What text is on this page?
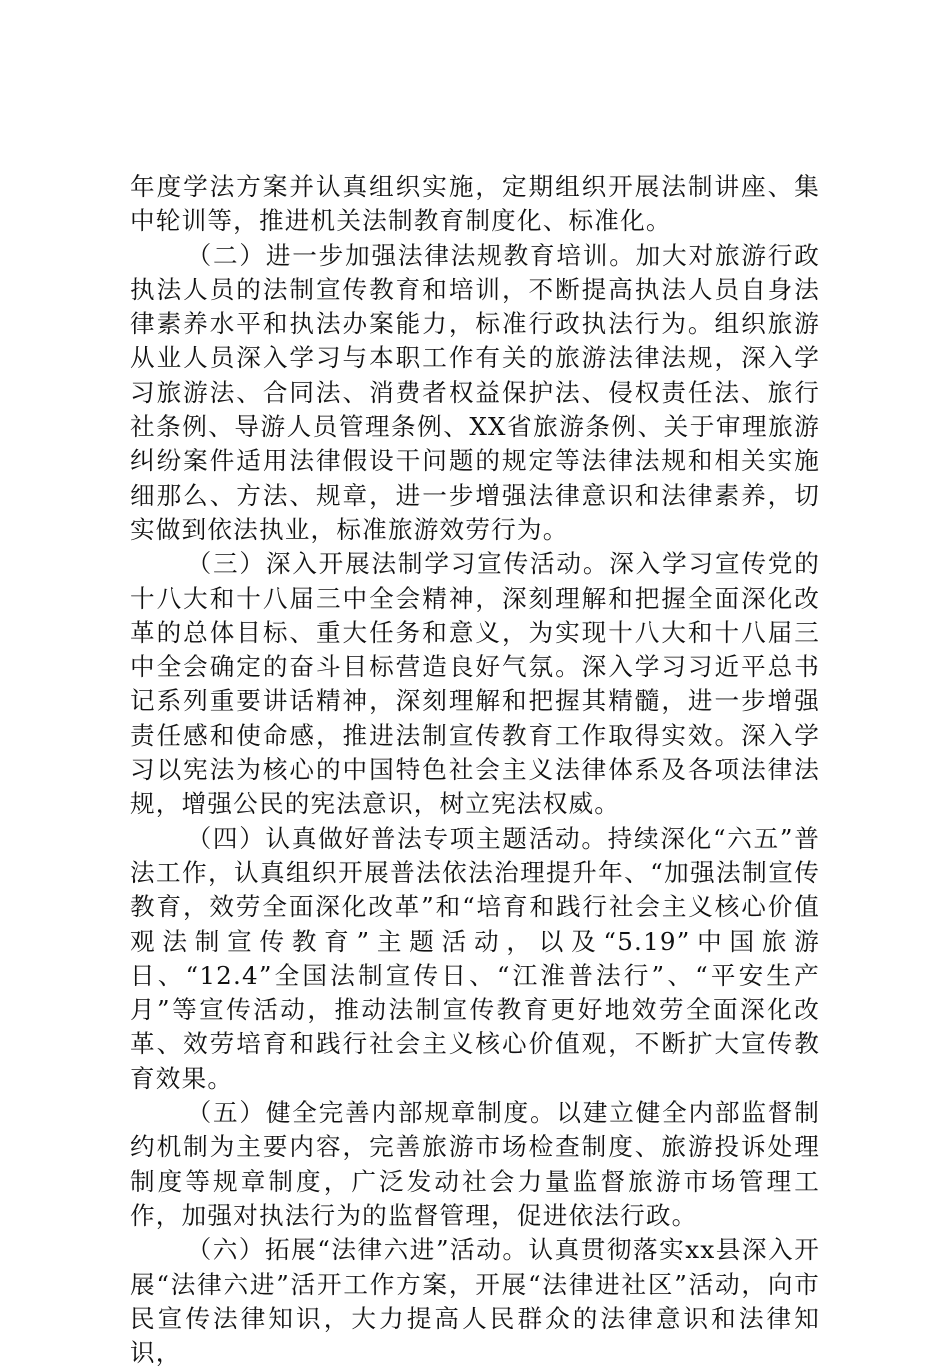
年度学法方案并认真组织实施，定期组织开展法制讲座、集中轮训等，推进机关法制教育制度化、标准化。

（二）进一步加强法律法规教育培训。加大对旅游行政执法人员的法制宣传教育和培训，不断提高执法人员自身法律素养水平和执法办案能力，标准行政执法行为。组织旅游从业人员深入学习与本职工作有关的旅游法律法规，深入学习旅游法、合同法、消费者权益保护法、侵权责任法、旅行社条例、导游人员管理条例、XX省旅游条例、关于审理旅游纠纷案件适用法律假设干问题的规定等法律法规和相关实施细那么、方法、规章，进一步增强法律意识和法律素养，切实做到依法执业，标准旅游效劳行为。

（三）深入开展法制学习宣传活动。深入学习宣传党的十八大和十八届三中全会精神，深刻理解和把握全面深化改革的总体目标、重大任务和意义，为实现十八大和十八届三中全会确定的奋斗目标营造良好气氛。深入学习习近平总书记系列重要讲话精神，深刻理解和把握其精髓，进一步增强责任感和使命感，推进法制宣传教育工作取得实效。深入学习以宪法为核心的中国特色社会主义法律体系及各项法律法规，增强公民的宪法意识，树立宪法权威。

（四）认真做好普法专项主题活动。持续深化“六五”普法工作，认真组织开展普法依法治理提升年、“加强法制宣传教育，效劳全面深化改革”和“培育和践行社会主义核心价值观法制宣传教育”主题活动，以及“5.19”中国旅游日、“12.4”全国法制宣传日、“江淮普法行”、“平安生产月”等宣传活动，推动法制宣传教育更好地效劳全面深化改革、效劳培育和践行社会主义核心价值观，不断扩大宣传教育效果。

（五）健全完善内部规章制度。以建立健全内部监督制约机制为主要内容，完善旅游市场检查制度、旅游投诉处理制度等规章制度，广泛发动社会力量监督旅游市场管理工作，加强对执法行为的监督管理，促进依法行政。

（六）拓展“法律六进”活动。认真贯彻落实xx县深入开展“法律六进”活开工作方案，开展“法律进社区”活动，向市民宣传法律知识，大力提高人民群众的法律意识和法律知识，
